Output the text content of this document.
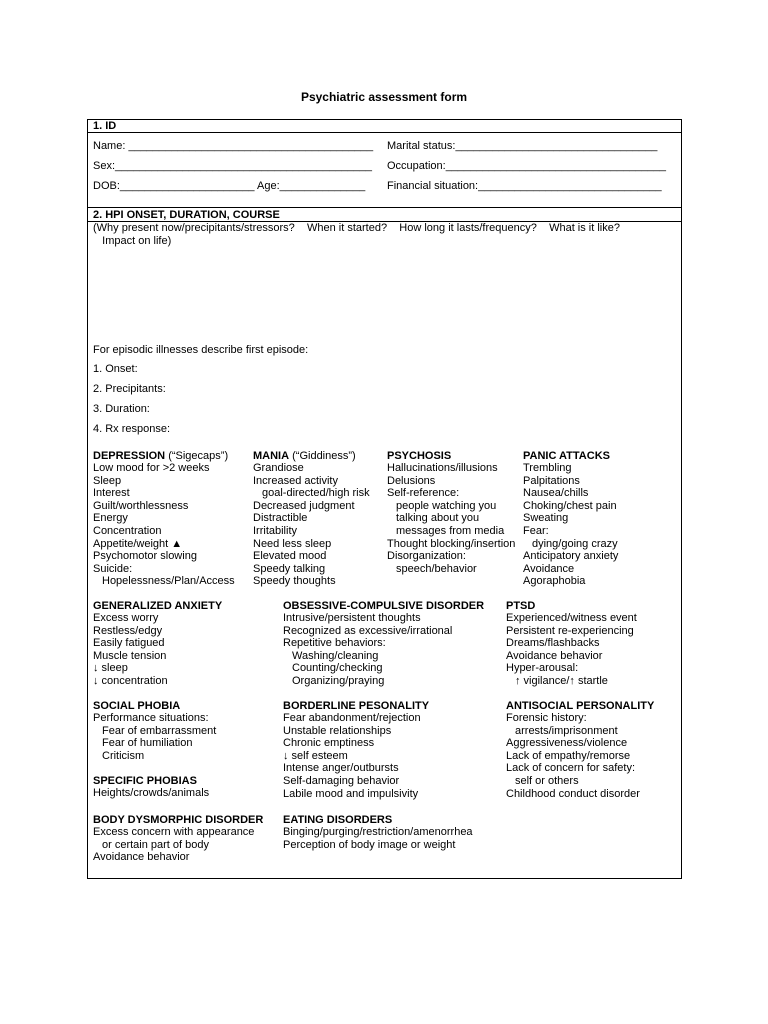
Psychiatric assessment form
1. ID
Name: ________________________________________
Sex:__________________________________________
DOB:______________________ Age:______________
Marital status:_________________________________
Occupation:____________________________________
Financial situation:______________________________
2. HPI ONSET, DURATION, COURSE
(Why present now/precipitants/stressors?    When it started?    How long it lasts/frequency?    What is it like?
Impact on life)
For episodic illnesses describe first episode:
1. Onset:
2. Precipitants:
3. Duration:
4. Rx response:
DEPRESSION (“Sigecaps”)
Low mood for >2 weeks
Sleep
Interest
Guilt/worthlessness
Energy
Concentration
Appetite/weight ▲
Psychomotor slowing
Suicide:
Hopelessness/Plan/Access
MANIA (“Giddiness”)
Grandiose
Increased activity
goal-directed/high risk
Decreased judgment
Distractible
Irritability
Need less sleep
Elevated mood
Speedy talking
Speedy thoughts
PSYCHOSIS
Hallucinations/illusions
Delusions
Self-reference:
people watching you
talking about you
messages from media
Thought blocking/insertion
Disorganization:
speech/behavior
PANIC ATTACKS
Trembling
Palpitations
Nausea/chills
Choking/chest pain
Sweating
Fear:
dying/going crazy
Anticipatory anxiety
Avoidance
Agoraphobia
GENERALIZED ANXIETY
Excess worry
Restless/edgy
Easily fatigued
Muscle tension
↓ sleep
↓ concentration
OBSESSIVE-COMPULSIVE DISORDER
Intrusive/persistent thoughts
Recognized as excessive/irrational
Repetitive behaviors:
Washing/cleaning
Counting/checking
Organizing/praying
PTSD
Experienced/witness event
Persistent re-experiencing
Dreams/flashbacks
Avoidance behavior
Hyper-arousal:
↑ vigilance/↑ startle
SOCIAL PHOBIA
Performance situations:
Fear of embarrassment
Fear of humiliation
Criticism
SPECIFIC PHOBIAS
Heights/crowds/animals
BORDERLINE PESONALITY
Fear abandonment/rejection
Unstable relationships
Chronic emptiness
↓ self esteem
Intense anger/outbursts
Self-damaging behavior
Labile mood and impulsivity
ANTISOCIAL PERSONALITY
Forensic history:
arrests/imprisonment
Aggressiveness/violence
Lack of empathy/remorse
Lack of concern for safety:
self or others
Childhood conduct disorder
BODY DYSMORPHIC DISORDER
Excess concern with appearance
or certain part of body
Avoidance behavior
EATING DISORDERS
Binging/purging/restriction/amenorrhea
Perception of body image or weight
